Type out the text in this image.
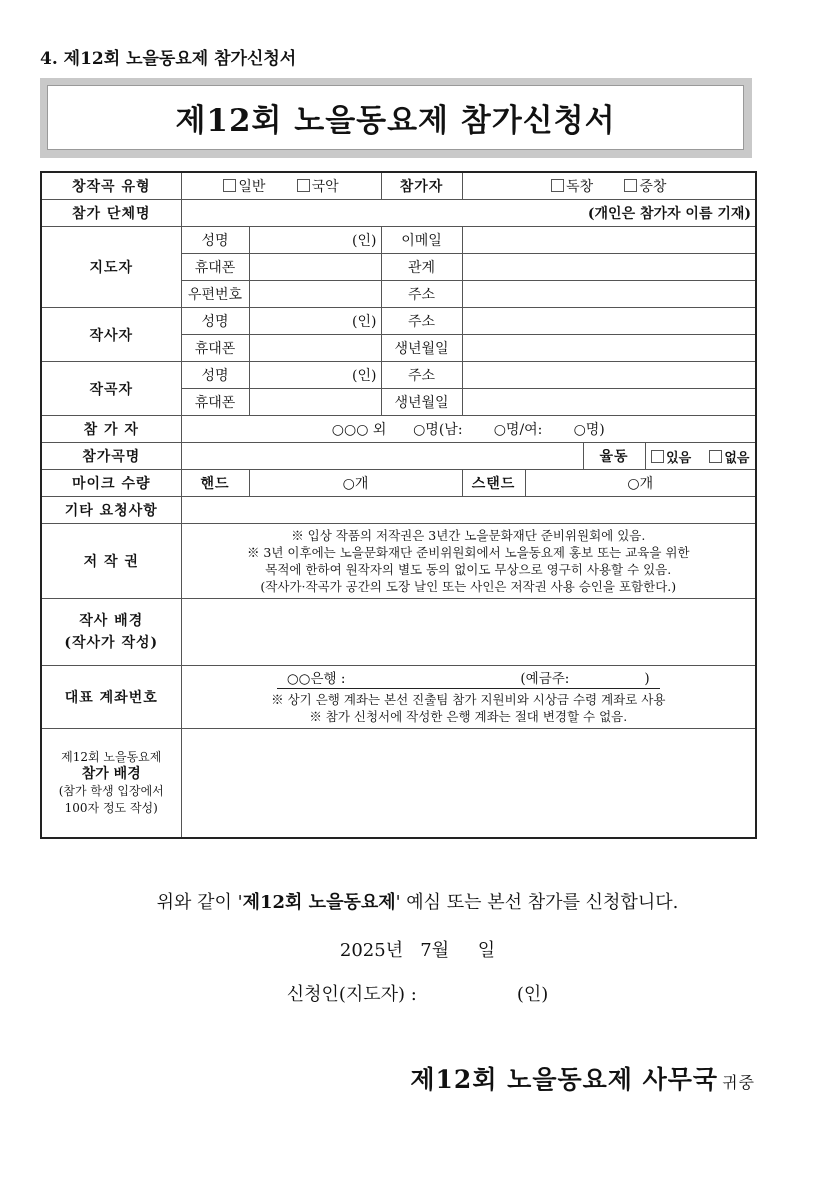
4. 제12회 노을동요제 참가신청서
제12회 노을동요제 참가신청서
창작곡 유형	일반 국악		참가자	독창 중창			
참가 단체명	(개인은 참가자 이름 기재)						
지도자	성명	(인)	이메일				
	휴대폰		관계				
	우편번호		주소				
작사자	성명	(인)	주소				
	휴대폰		생년월일				
작곡자	성명	(인)	주소				
	휴대폰		생년월일				
참 가 자	○○○ 외 ○명(남: ○명/여: ○명)						
참가곡명						율동	있음 없음
마이크 수량	핸드	○개		스탠드	○개		
기타 요청사항							
저 작 권	※ 입상 작품의 저작권은 3년간 노을문화재단 준비위원회에 있음.
※ 3년 이후에는 노을문화재단 준비위원회에서 노을동요제 홍보 또는 교육을 위한
목적에 한하여 원작자의 별도 동의 없이도 무상으로 영구히 사용할 수 있음.
(작사가·작곡가 공간의 도장 날인 또는 사인은 저작권 사용 승인을 포함한다.)						

작사 배경
(작사가 작성)							

대표 계좌번호	○○은행 : (예금주: )
※ 상기 은행 계좌는 본선 진출팀 참가 지원비와 시상금 수령 계좌로 사용
※ 참가 신청서에 작성한 은행 계좌는 절대 변경할 수 없음.						

제12회 노을동요제
참가 배경
(참가 학생 입장에서
100자 정도 작성)							

위와 같이 '제12회 노을동요제' 예심 또는 본선 참가를 신청합니다.
2025년   7월     일
신청인(지도자) :	(인)
제12회 노을동요제 사무국 귀중
